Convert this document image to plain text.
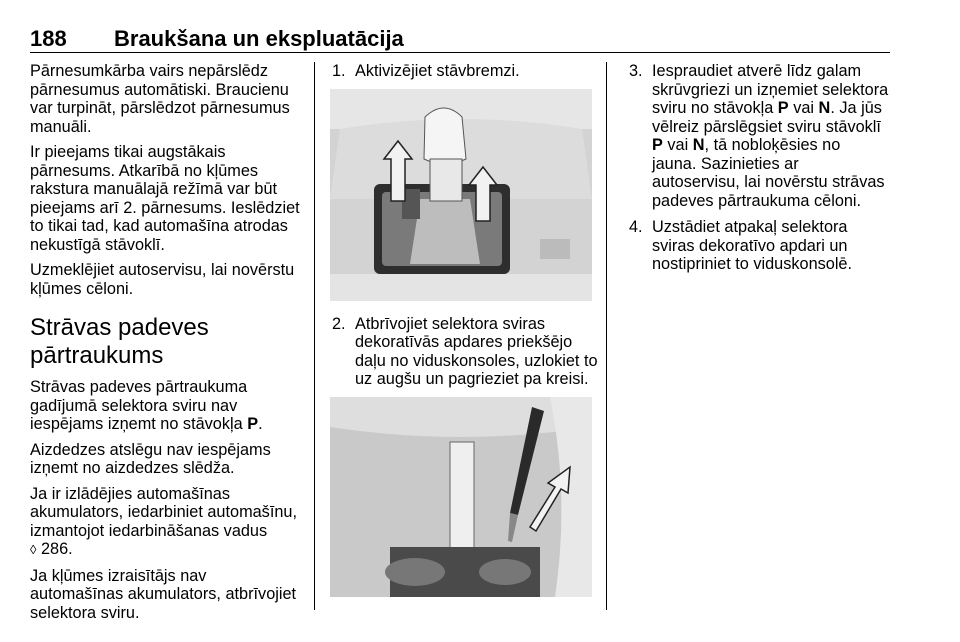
188 Braukšana un ekspluatācija

Pārnesumkārba vairs nepārslēdz pārnesumus automātiski. Braucienu var turpināt, pārslēdzot pārnesumus manuāli.

Ir pieejams tikai augstākais pārnesums. Atkarībā no kļūmes rakstura manuālajā režīmā var būt pieejams arī 2. pārnesums. Ieslēdziet to tikai tad, kad automašīna atrodas nekustīgā stāvoklī.

Uzmeklējiet autoservisu, lai novērstu kļūmes cēloni.

Strāvas padeves pārtraukums

Strāvas padeves pārtraukuma gadījumā selektora sviru nav iespējams izņemt no stāvokļa P.

Aizdedzes atslēgu nav iespējams izņemt no aizdedzes slēdža.

Ja ir izlādējies automašīnas akumulators, iedarbiniet automašīnu, izmantojot iedarbināšanas vadus
◊ 286.

Ja kļūmes izraisītājs nav automašīnas akumulators, atbrīvojiet selektora sviru.

1. Aktivizējiet stāvbremzi.
2. Atbrīvojiet selektora sviras dekoratīvās apdares priekšējo daļu no viduskonsoles, uzlokiet to uz augšu un pagrieziet pa kreisi.
3. Iespraudiet atverē līdz galam skrūvgriezi un izņemiet selektora sviru no stāvokļa P vai N. Ja jūs vēlreiz pārslēgsiet sviru stāvoklī P vai N, tā nobloķēsies no jauna. Sazinieties ar autoservisu, lai novērstu strāvas padeves pārtraukuma cēloni.
4. Uzstādiet atpakaļ selektora sviras dekoratīvo apdari un nostipriniet to viduskonsolē.
